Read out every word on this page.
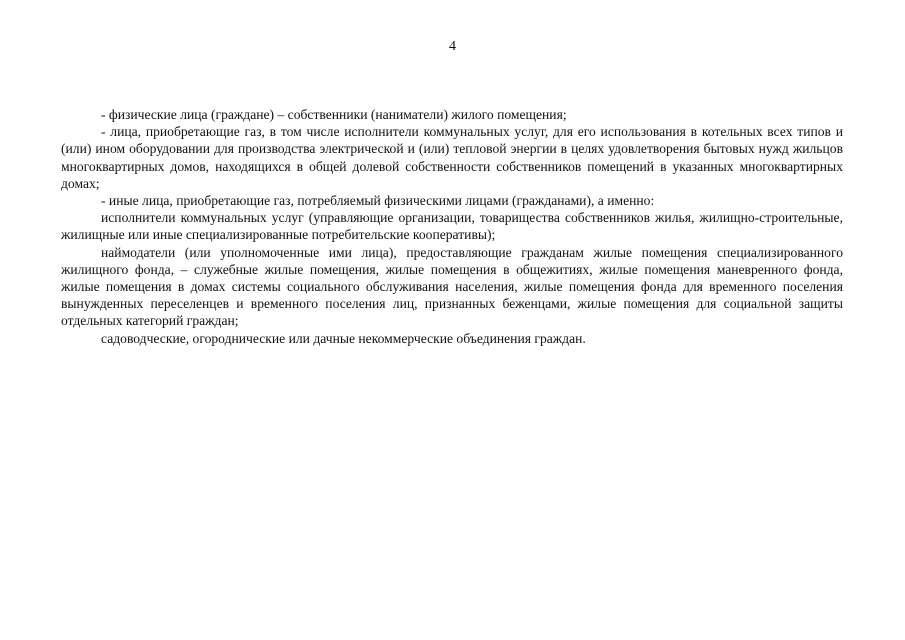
4

- физические лица (граждане) – собственники (наниматели) жилого помещения;

- лица, приобретающие газ, в том числе исполнители коммунальных услуг, для его использования в котельных всех типов и (или) ином оборудовании для производства электрической и (или) тепловой энергии в целях удовлетворения бытовых нужд жильцов многоквартирных домов, находящихся в общей долевой собственности собственников помещений в указанных многоквартирных домах;

- иные лица, приобретающие газ, потребляемый физическими лицами (гражданами), а именно:

исполнители коммунальных услуг (управляющие организации, товарищества собственников жилья, жилищно-строительные, жилищные или иные специализированные потребительские кооперативы);

наймодатели (или уполномоченные ими лица), предоставляющие гражданам жилые помещения специализированного жилищного фонда, – служебные жилые помещения, жилые помещения в общежитиях, жилые помещения маневренного фонда, жилые помещения в домах системы социального обслуживания населения, жилые помещения фонда для временного поселения вынужденных переселенцев и временного поселения лиц, признанных беженцами, жилые помещения для социальной защиты отдельных категорий граждан;

садоводческие, огороднические или дачные некоммерческие объединения граждан.
